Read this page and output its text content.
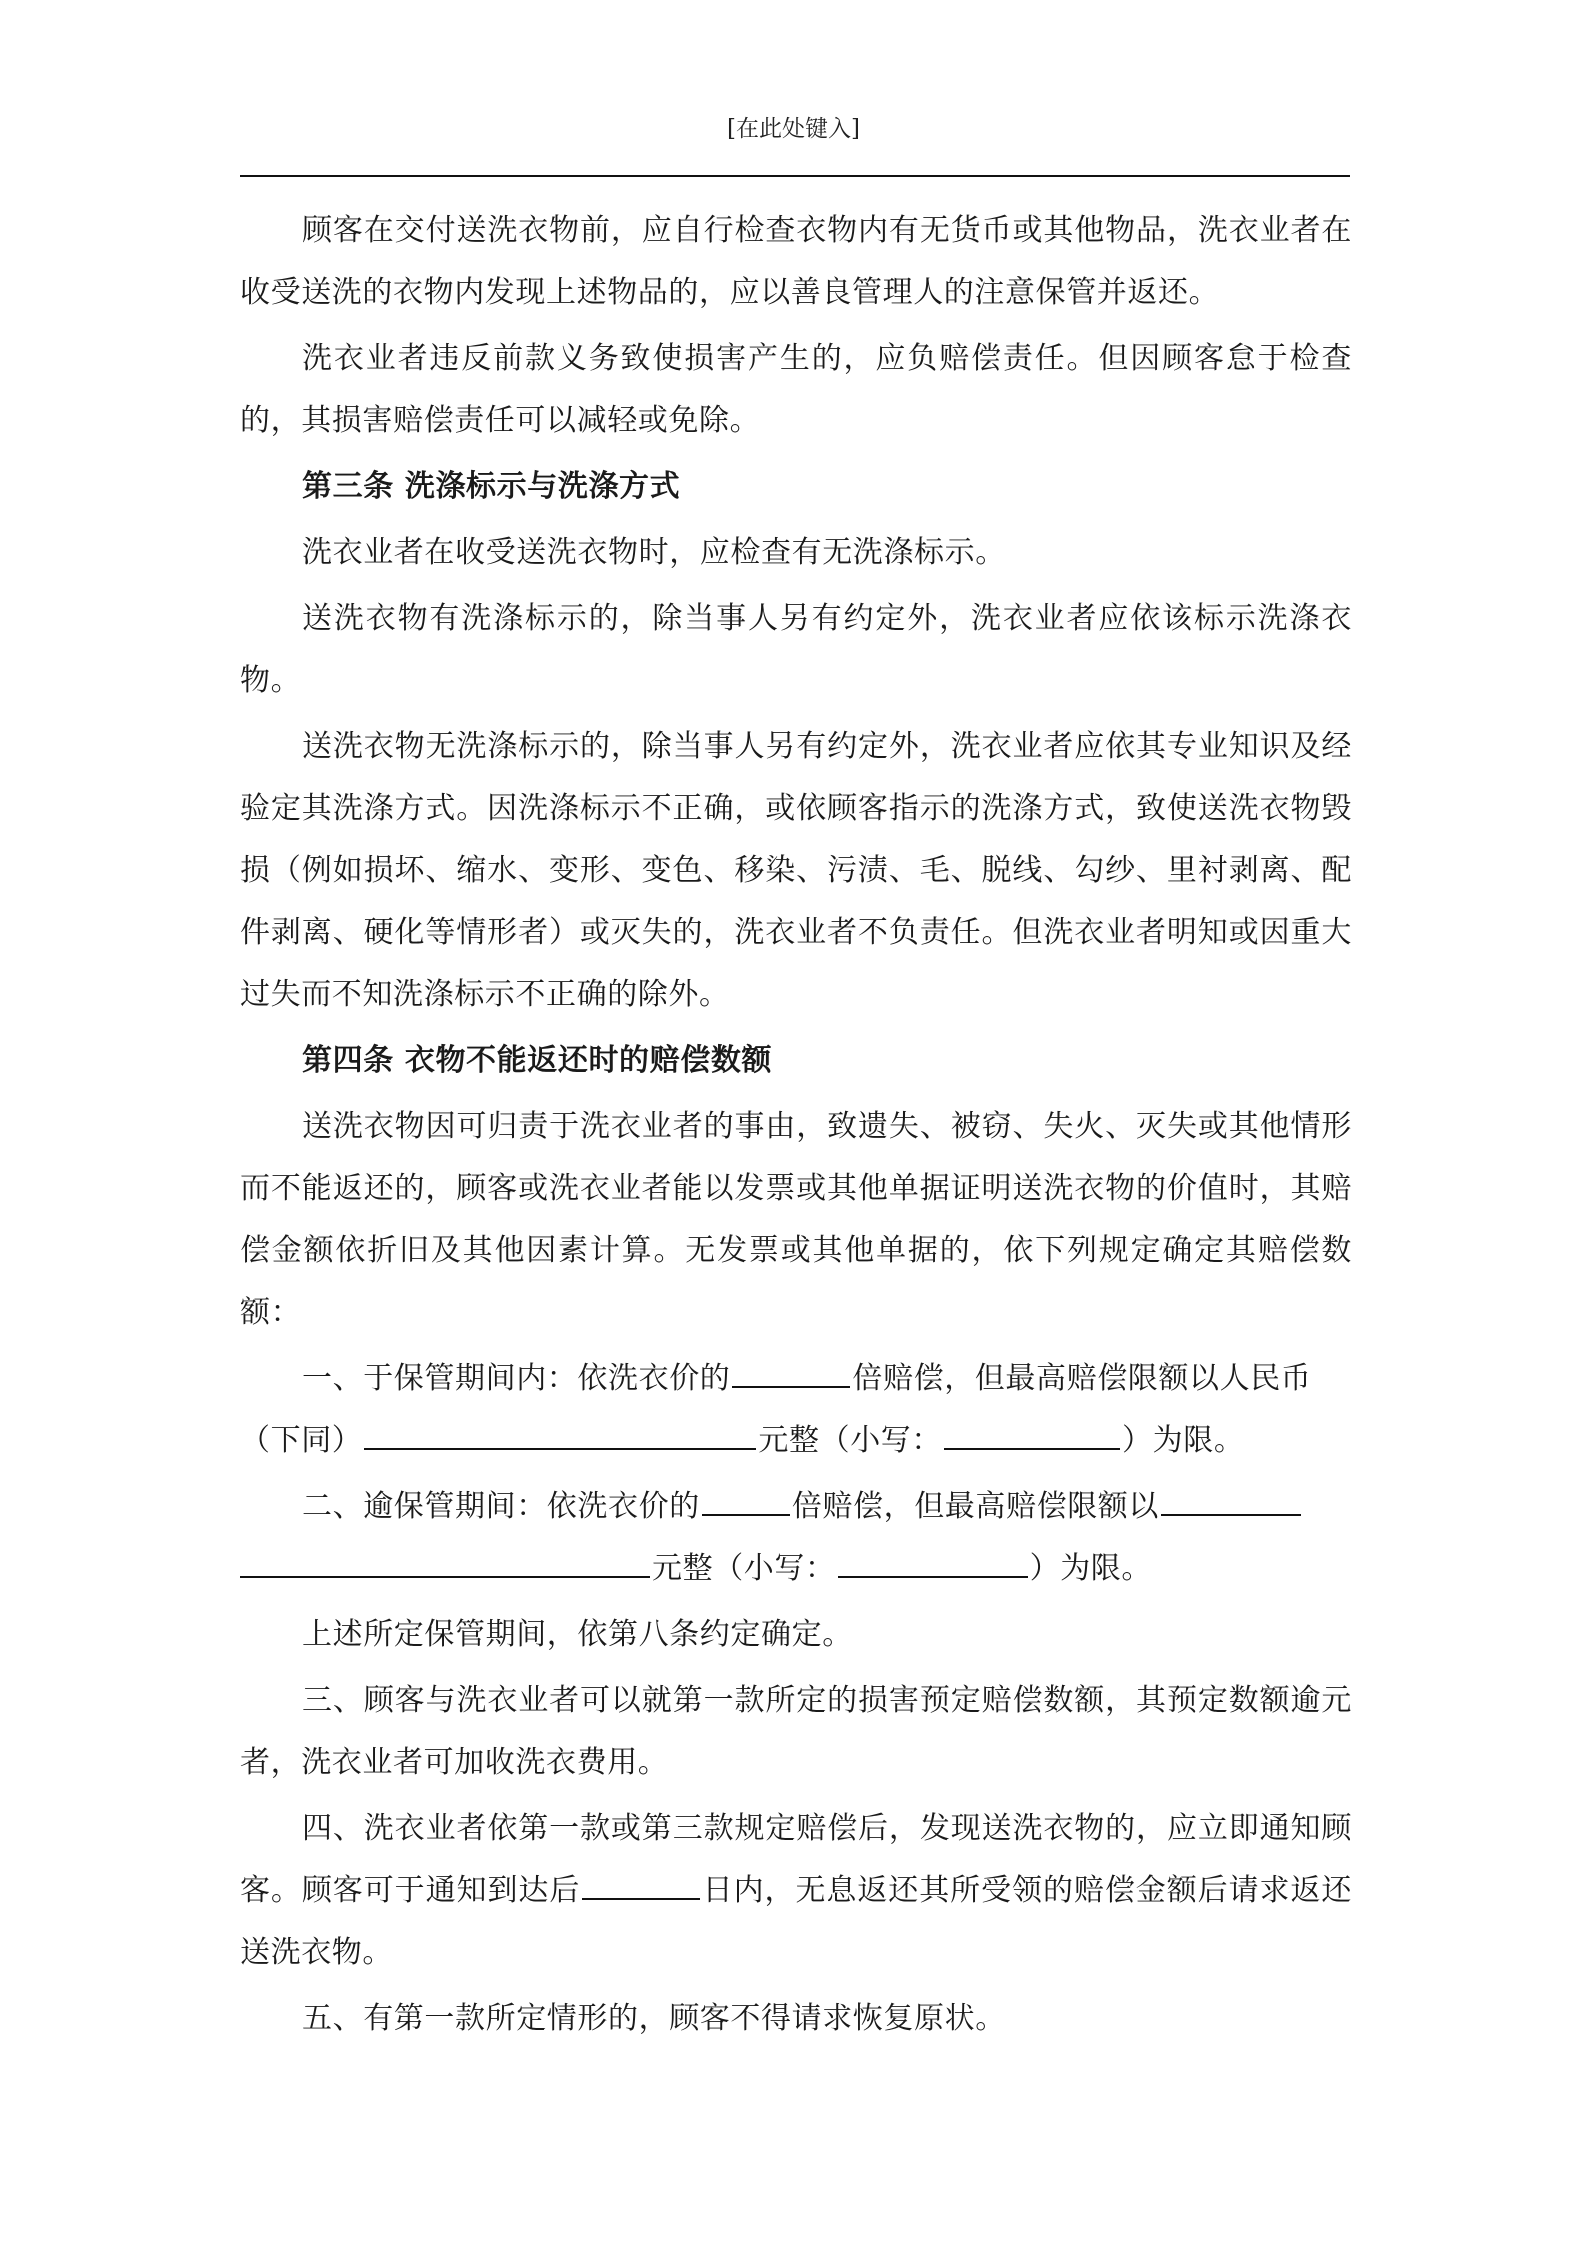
[在此处键入]

顾客在交付送洗衣物前，应自行检查衣物内有无货币或其他物品，洗衣业者在收受送洗的衣物内发现上述物品的，应以善良管理人的注意保管并返还。

洗衣业者违反前款义务致使损害产生的，应负赔偿责任。但因顾客怠于检查的，其损害赔偿责任可以减轻或免除。

第三条 洗涤标示与洗涤方式

洗衣业者在收受送洗衣物时，应检查有无洗涤标示。

送洗衣物有洗涤标示的，除当事人另有约定外，洗衣业者应依该标示洗涤衣物。

送洗衣物无洗涤标示的，除当事人另有约定外，洗衣业者应依其专业知识及经验定其洗涤方式。因洗涤标示不正确，或依顾客指示的洗涤方式，致使送洗衣物毁损（例如损坏、缩水、变形、变色、移染、污渍、毛、脱线、勾纱、里衬剥离、配件剥离、硬化等情形者）或灭失的，洗衣业者不负责任。但洗衣业者明知或因重大过失而不知洗涤标示不正确的除外。

第四条 衣物不能返还时的赔偿数额

送洗衣物因可归责于洗衣业者的事由，致遗失、被窃、失火、灭失或其他情形而不能返还的，顾客或洗衣业者能以发票或其他单据证明送洗衣物的价值时，其赔偿金额依折旧及其他因素计算。无发票或其他单据的，依下列规定确定其赔偿数额：

一、于保管期间内：依洗衣价的	倍赔偿，但最高赔偿限额以人民币
（下同）	元整（小写：	）为限。
二、逾保管期间：依洗衣价的	倍赔偿，但最高赔偿限额以
元整（小写：	）为限。

上述所定保管期间，依第八条约定确定。

三、顾客与洗衣业者可以就第一款所定的损害预定赔偿数额，其预定数额逾元者，洗衣业者可加收洗衣费用。

四、洗衣业者依第一款或第三款规定赔偿后，发现送洗衣物的，应立即通知顾客。顾客可于通知到达后	日内，无息返还其所受领的赔偿金额后请求返还送洗衣物。

五、有第一款所定情形的，顾客不得请求恢复原状。
